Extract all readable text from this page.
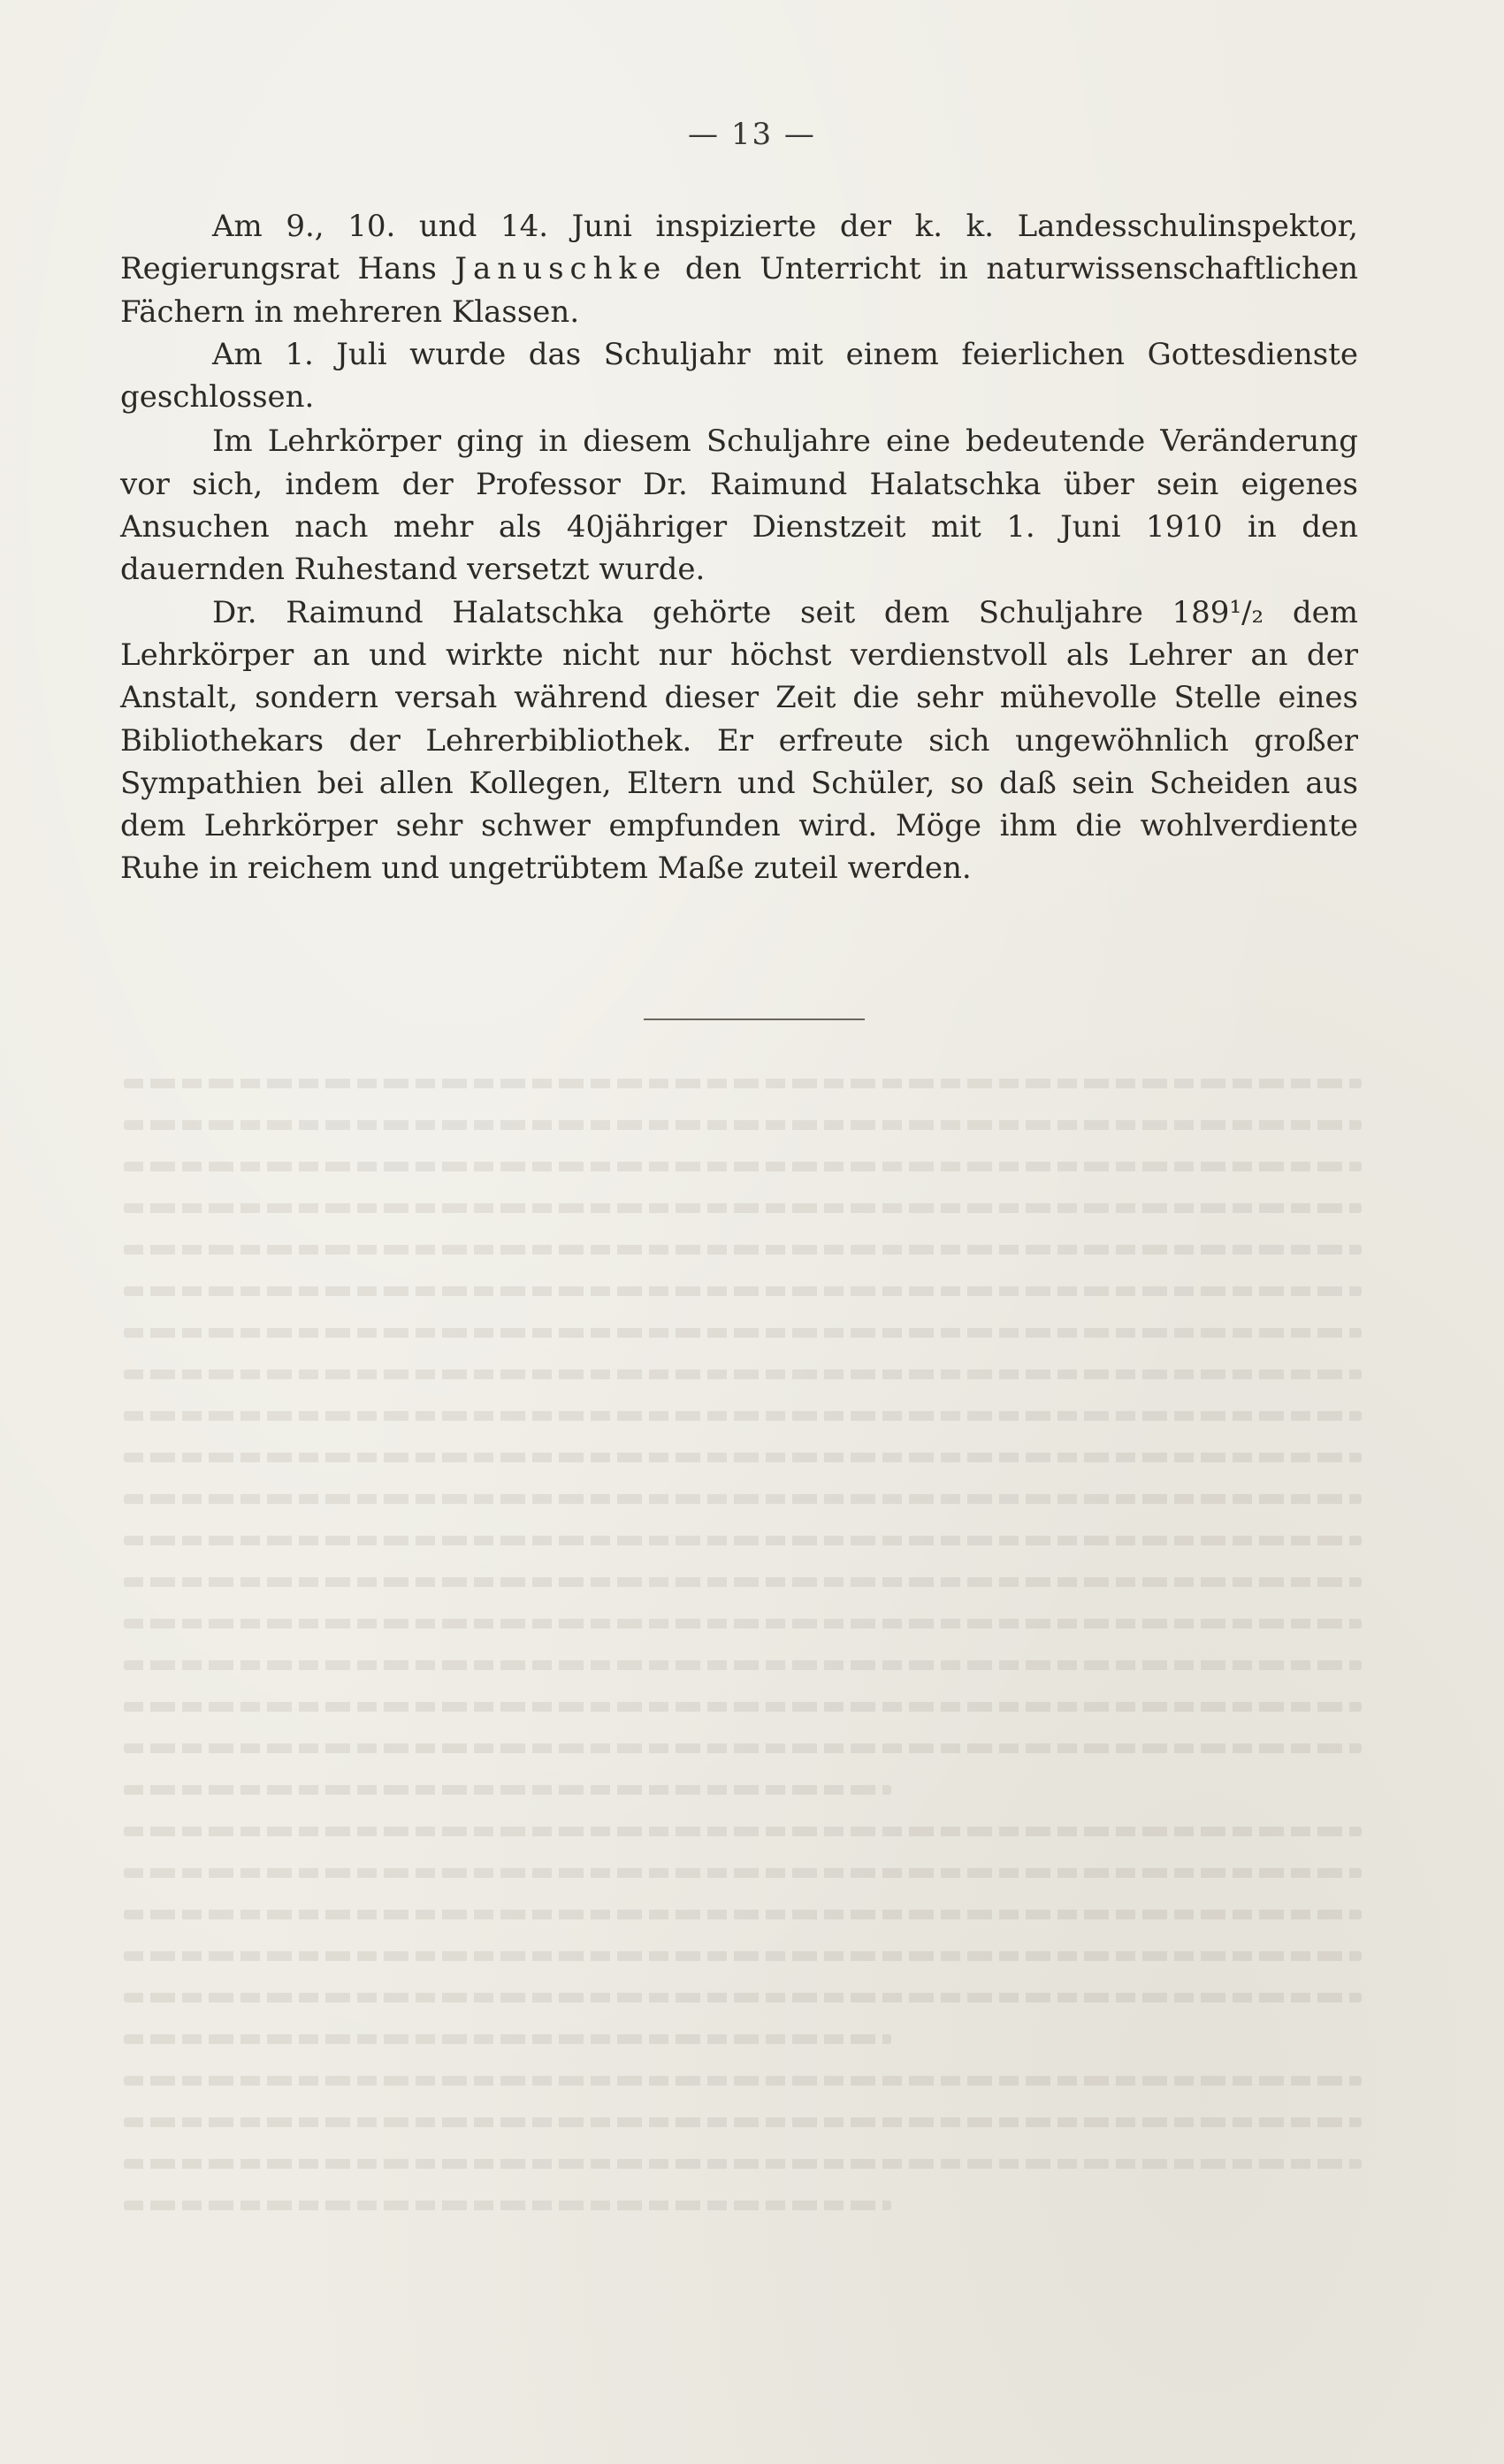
— 13 —

Am 9., 10. und 14. Juni inspizierte der k. k. Landesschulinspektor, Regierungsrat Hans Januschke den Unterricht in naturwissenschaftlichen Fächern in mehreren Klassen.

Am 1. Juli wurde das Schuljahr mit einem feierlichen Gottesdienste geschlossen.

Im Lehrkörper ging in diesem Schuljahre eine bedeutende Veränderung vor sich, indem der Professor Dr. Raimund Halatschka über sein eigenes Ansuchen nach mehr als 40jähriger Dienstzeit mit 1. Juni 1910 in den dauernden Ruhestand versetzt wurde.

Dr. Raimund Halatschka gehörte seit dem Schuljahre 189¹/₂ dem Lehrkörper an und wirkte nicht nur höchst verdienstvoll als Lehrer an der Anstalt, sondern versah während dieser Zeit die sehr mühevolle Stelle eines Bibliothekars der Lehrerbibliothek. Er erfreute sich ungewöhnlich großer Sympathien bei allen Kollegen, Eltern und Schüler, so daß sein Scheiden aus dem Lehrkörper sehr schwer empfunden wird. Möge ihm die wohlverdiente Ruhe in reichem und ungetrübtem Maße zuteil werden.
